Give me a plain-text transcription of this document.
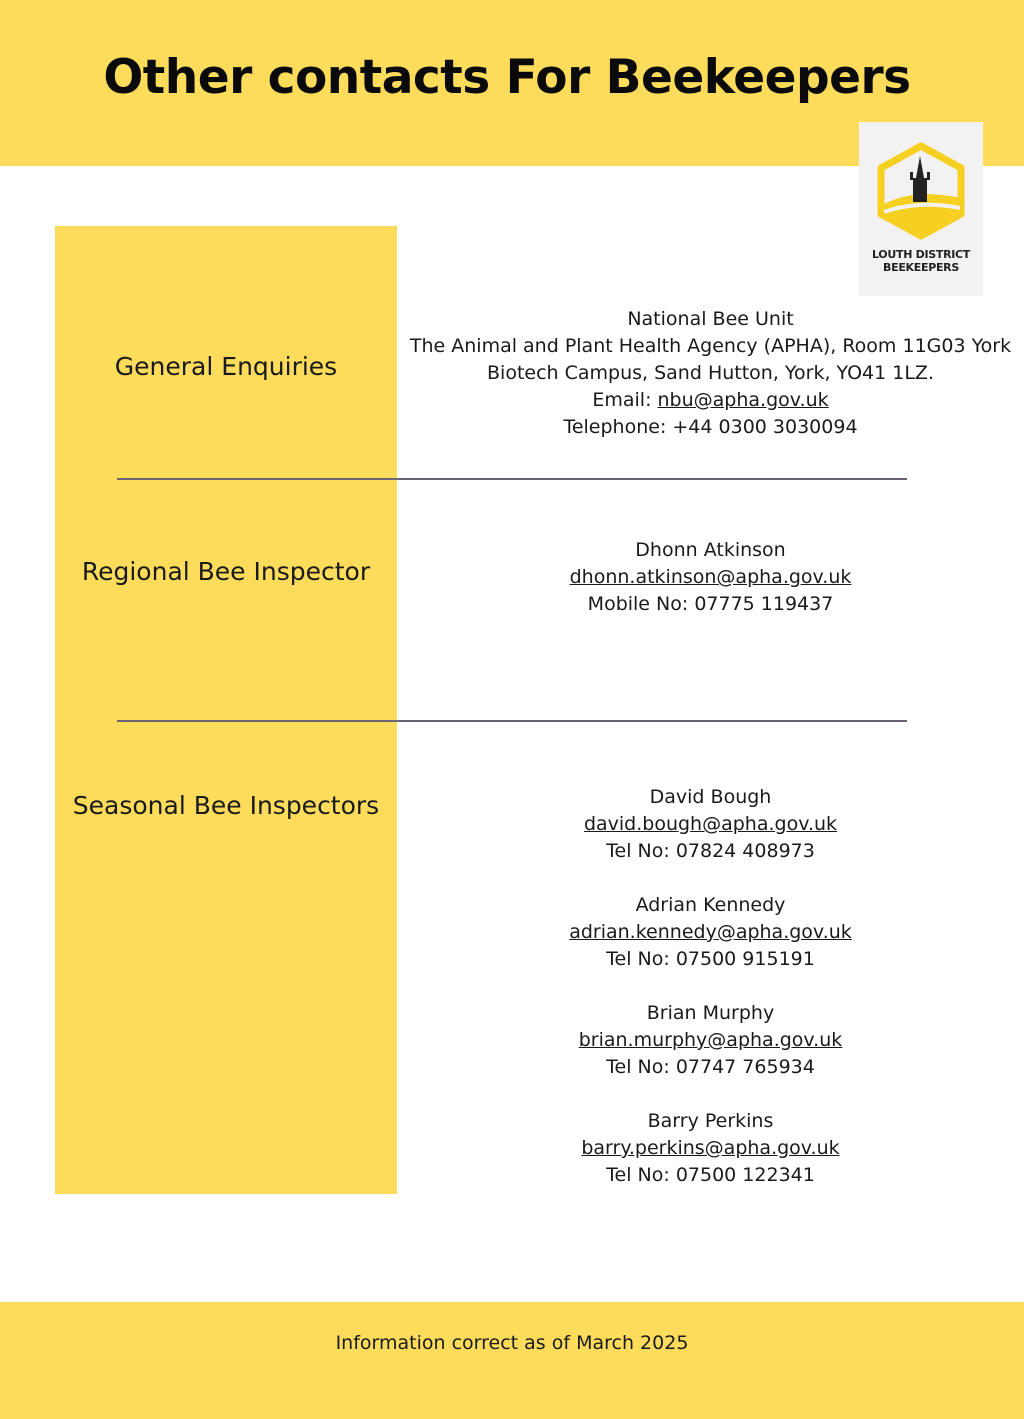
Other contacts For Beekeepers
LOUTH DISTRICT
BEEKEEPERS
General Enquiries
National Bee Unit
The Animal and Plant Health Agency (APHA), Room 11G03 York
Biotech Campus, Sand Hutton, York, YO41 1LZ.
Email: nbu@apha.gov.uk
Telephone: +44 0300 3030094
Regional Bee Inspector
Dhonn Atkinson
dhonn.atkinson@apha.gov.uk
Mobile No: 07775 119437
Seasonal Bee Inspectors	David Bough
david.bough@apha.gov.uk
Tel No: 07824 408973
Adrian Kennedy
adrian.kennedy@apha.gov.uk
Tel No: 07500 915191
Brian Murphy
brian.murphy@apha.gov.uk
Tel No: 07747 765934
Barry Perkins
barry.perkins@apha.gov.uk
Tel No: 07500 122341
Information correct as of March 2025
